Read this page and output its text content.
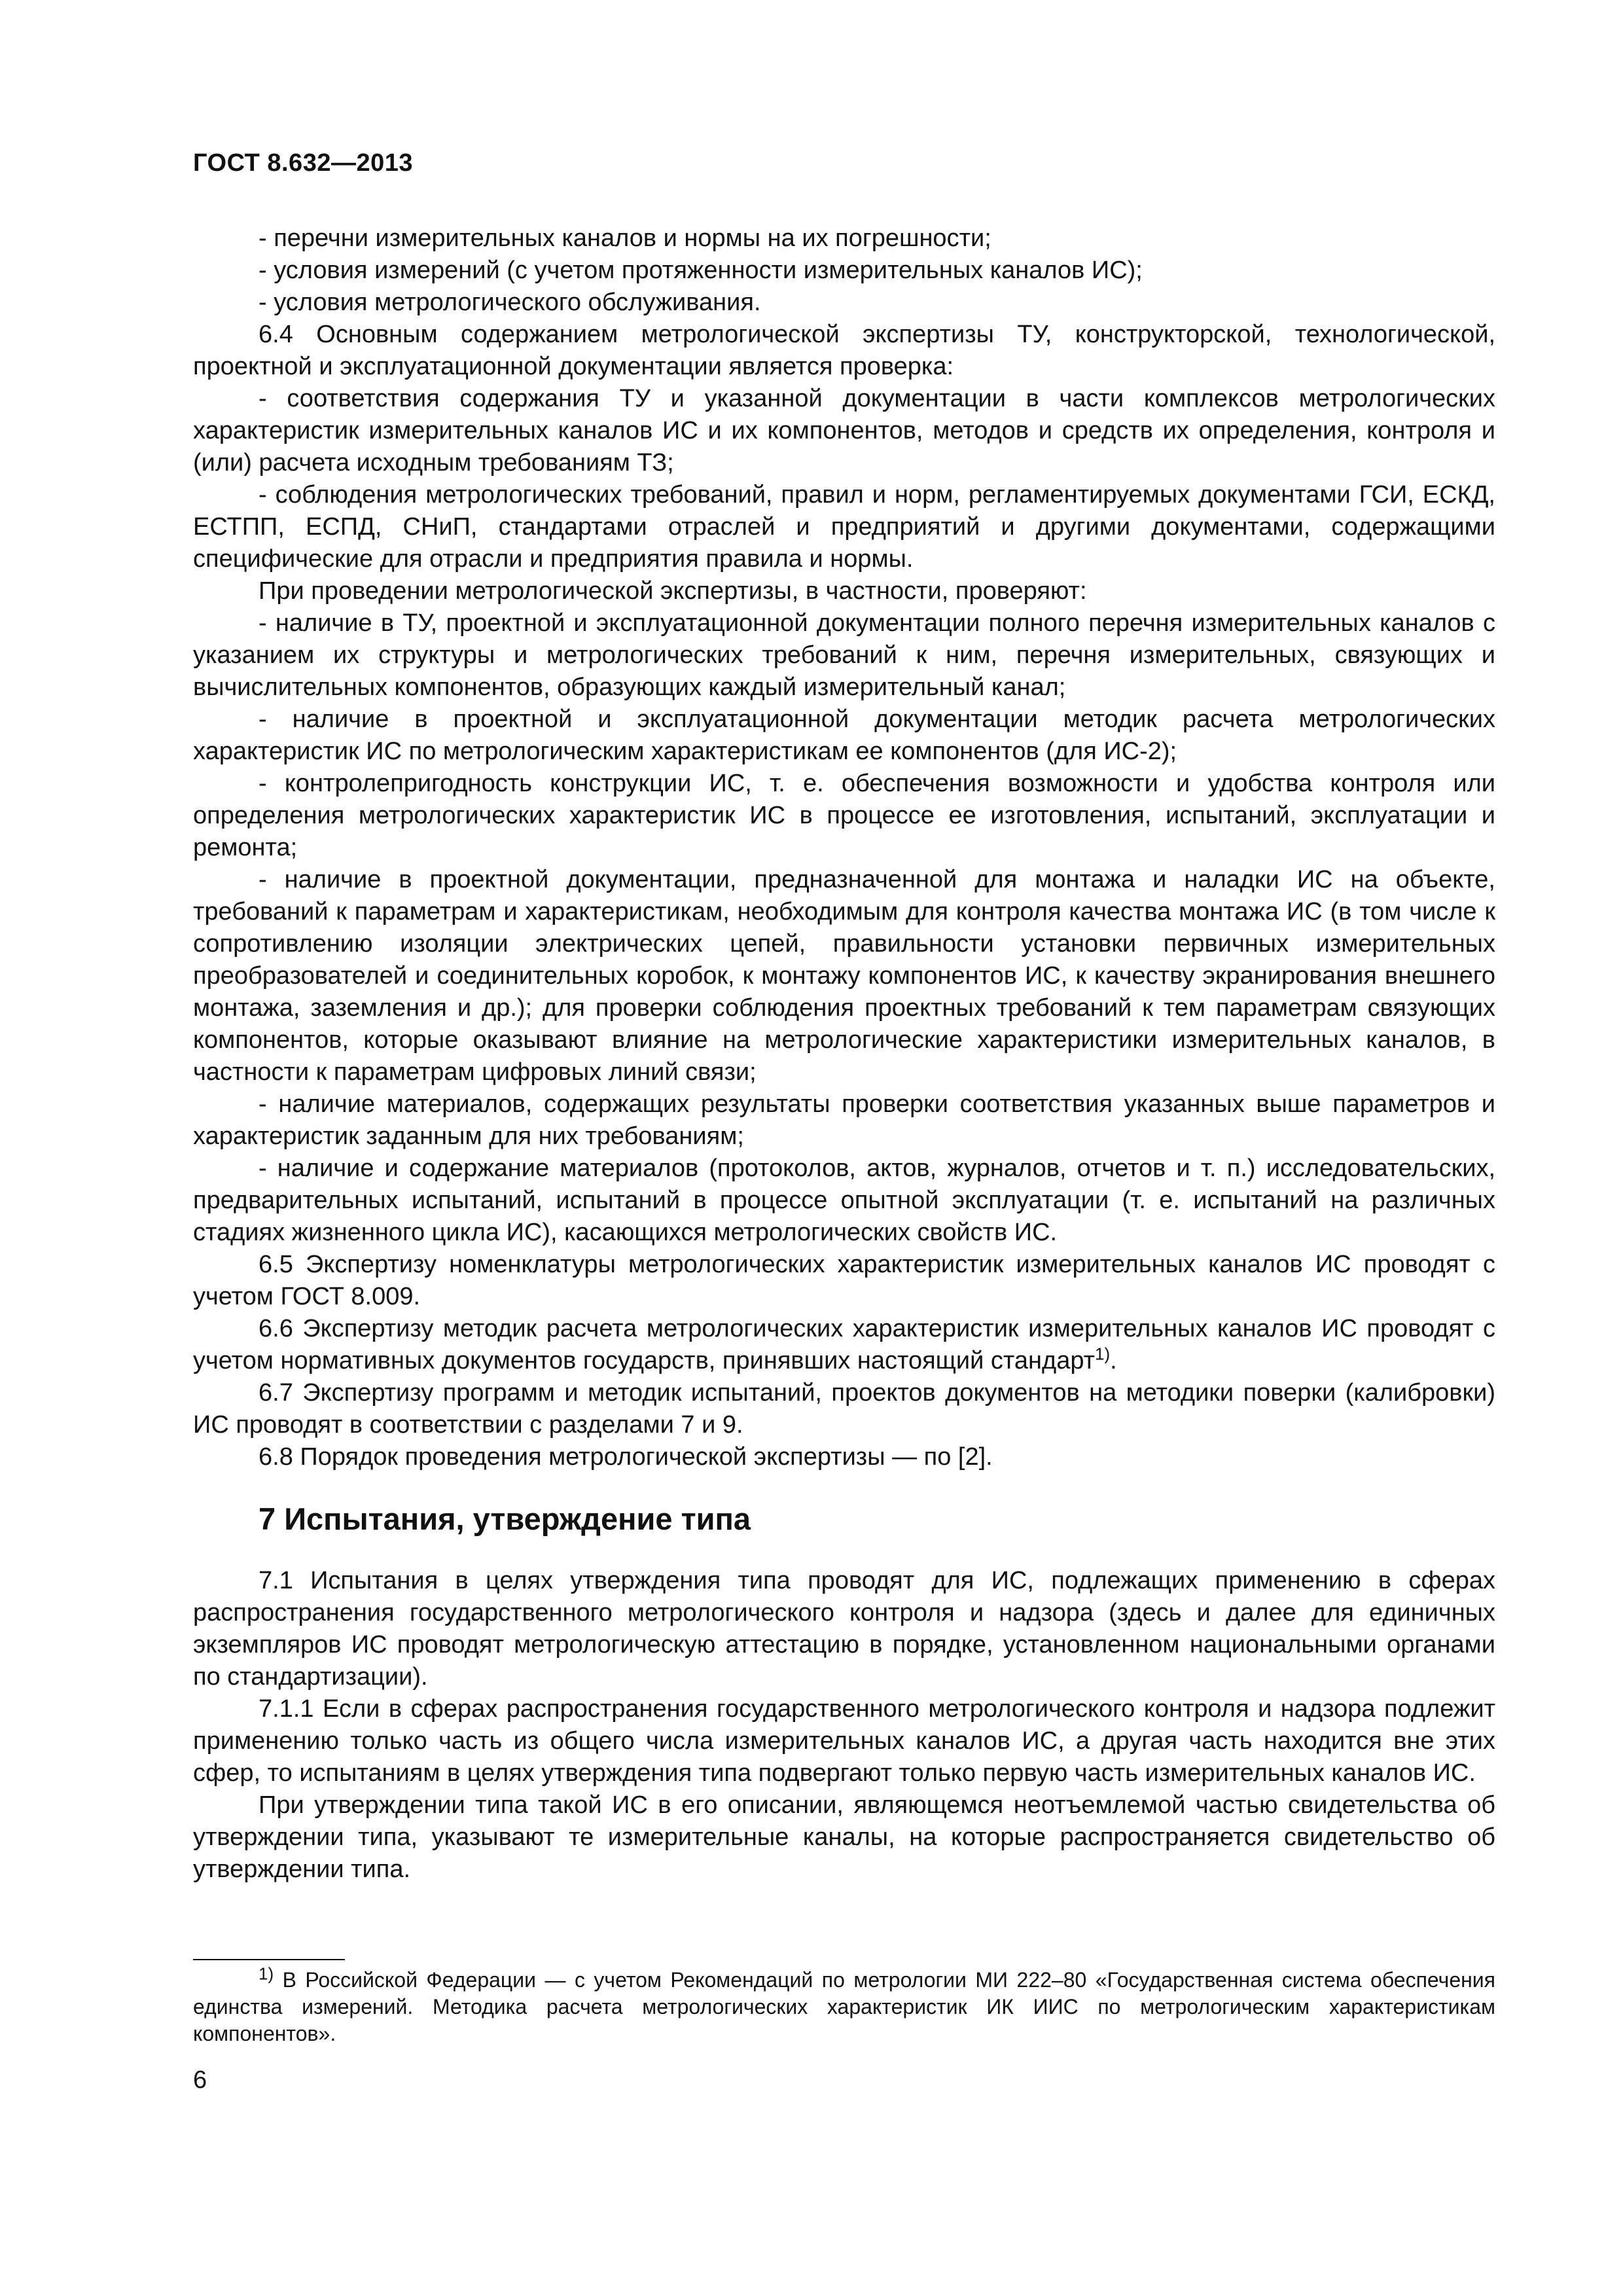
ГОСТ 8.632—2013

- перечни измерительных каналов и нормы на их погрешности;

- условия измерений (с учетом протяженности измерительных каналов ИС);

- условия метрологического обслуживания.

6.4 Основным содержанием метрологической экспертизы ТУ, конструкторской, технологической, проектной и эксплуатационной документации является проверка:

- соответствия содержания ТУ и указанной документации в части комплексов метрологических характеристик измерительных каналов ИС и их компонентов, методов и средств их определения, контроля и (или) расчета исходным требованиям ТЗ;

- соблюдения метрологических требований, правил и норм, регламентируемых документами ГСИ, ЕСКД, ЕСТПП, ЕСПД, СНиП, стандартами отраслей и предприятий и другими документами, содержащими специфические для отрасли и предприятия правила и нормы.

При проведении метрологической экспертизы, в частности, проверяют:

- наличие в ТУ, проектной и эксплуатационной документации полного перечня измерительных каналов с указанием их структуры и метрологических требований к ним, перечня измерительных, связующих и вычислительных компонентов, образующих каждый измерительный канал;

- наличие в проектной и эксплуатационной документации методик расчета метрологических характеристик ИС по метрологическим характеристикам ее компонентов (для ИС-2);

- контролепригодность конструкции ИС, т. е. обеспечения возможности и удобства контроля или определения метрологических характеристик ИС в процессе ее изготовления, испытаний, эксплуатации и ремонта;

- наличие в проектной документации, предназначенной для монтажа и наладки ИС на объекте, требований к параметрам и характеристикам, необходимым для контроля качества монтажа ИС (в том числе к сопротивлению изоляции электрических цепей, правильности установки первичных измерительных преобразователей и соединительных коробок, к монтажу компонентов ИС, к качеству экранирования внешнего монтажа, заземления и др.); для проверки соблюдения проектных требований к тем параметрам связующих компонентов, которые оказывают влияние на метрологические характеристики измерительных каналов, в частности к параметрам цифровых линий связи;

- наличие материалов, содержащих результаты проверки соответствия указанных выше параметров и характеристик заданным для них требованиям;

- наличие и содержание материалов (протоколов, актов, журналов, отчетов и т. п.) исследовательских, предварительных испытаний, испытаний в процессе опытной эксплуатации (т. е. испытаний на различных стадиях жизненного цикла ИС), касающихся метрологических свойств ИС.

6.5 Экспертизу номенклатуры метрологических характеристик измерительных каналов ИС проводят с учетом ГОСТ 8.009.

6.6 Экспертизу методик расчета метрологических характеристик измерительных каналов ИС проводят с учетом нормативных документов государств, принявших настоящий стандарт$^{1)}$.

6.7 Экспертизу программ и методик испытаний, проектов документов на методики поверки (калибровки) ИС проводят в соответствии с разделами 7 и 9.

6.8 Порядок проведения метрологической экспертизы — по [2].

7 Испытания, утверждение типа

7.1 Испытания в целях утверждения типа проводят для ИС, подлежащих применению в сферах распространения государственного метрологического контроля и надзора (здесь и далее для единичных экземпляров ИС проводят метрологическую аттестацию в порядке, установленном национальными органами по стандартизации).

7.1.1 Если в сферах распространения государственного метрологического контроля и надзора подлежит применению только часть из общего числа измерительных каналов ИС, а другая часть находится вне этих сфер, то испытаниям в целях утверждения типа подвергают только первую часть измерительных каналов ИС.

При утверждении типа такой ИС в его описании, являющемся неотъемлемой частью свидетельства об утверждении типа, указывают те измерительные каналы, на которые распространяется свидетельство об утверждении типа.

$^{1)}$ В Российской Федерации — с учетом Рекомендаций по метрологии МИ 222–80 «Государственная система обеспечения единства измерений. Методика расчета метрологических характеристик ИК ИИС по метрологическим характеристикам компонентов».

6
